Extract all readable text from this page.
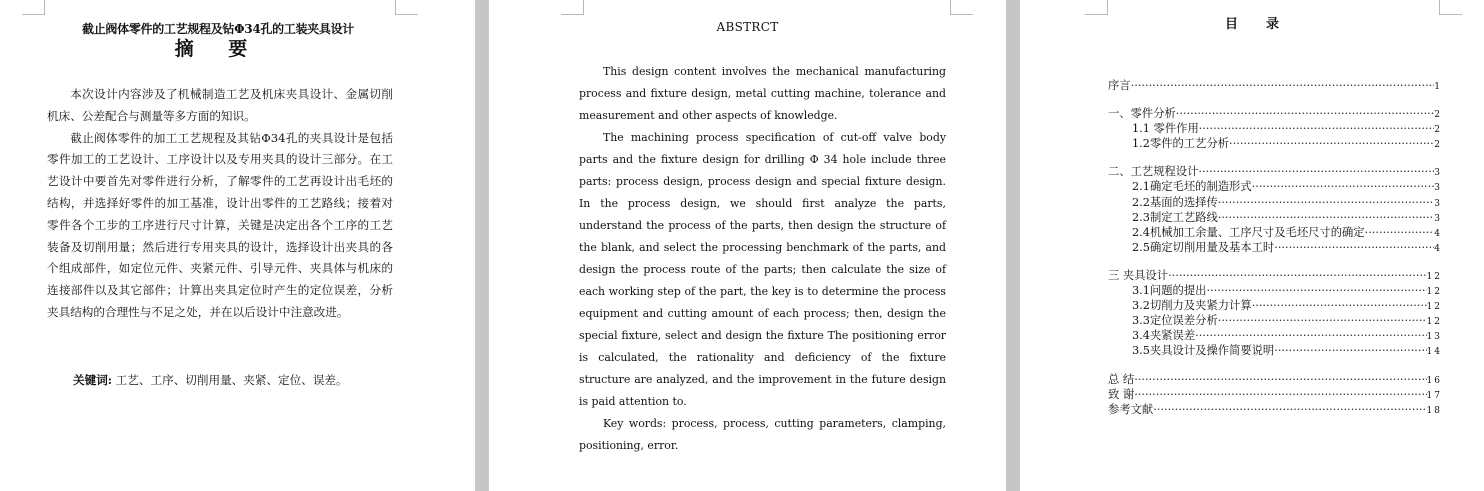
截止阀体零件的工艺规程及钻Φ34孔的工装夹具设计
摘 要

本次设计内容涉及了机械制造工艺及机床夹具设计、金属切削机床、公差配合与测量等多方面的知识。

截止阀体零件的加工工艺规程及其钻Φ34孔的夹具设计是包括零件加工的工艺设计、工序设计以及专用夹具的设计三部分。在工艺设计中要首先对零件进行分析，了解零件的工艺再设计出毛坯的结构，并选择好零件的加工基准，设计出零件的工艺路线；接着对零件各个工步的工序进行尺寸计算，关键是决定出各个工序的工艺装备及切削用量；然后进行专用夹具的设计，选择设计出夹具的各个组成部件，如定位元件、夹紧元件、引导元件、夹具体与机床的连接部件以及其它部件；计算出夹具定位时产生的定位误差，分析夹具结构的合理性与不足之处，并在以后设计中注意改进。

关键词: 工艺、工序、切削用量、夹紧、定位、误差。
ABSTRCT

This design content involves the mechanical manufacturing process and fixture design, metal cutting machine, tolerance and measurement and other aspects of knowledge.

The machining process specification of cut-off valve body parts and the fixture design for drilling Φ 34 hole include three parts: process design, process design and special fixture design. In the process design, we should first analyze the parts, understand the process of the parts, then design the structure of the blank, and select the processing benchmark of the parts, and design the process route of the parts; then calculate the size of each working step of the part, the key is to determine the process equipment and cutting amount of each process; then, design the special fixture, select and design the fixture The positioning error is calculated, the rationality and deficiency of the fixture structure are analyzed, and the improvement in the future design is paid attention to.

Key words: process, process, cutting parameters, clamping, positioning, error.

目 录
序言 ·····	1
一、零件分析 ·····	2
1.1 零件作用 ·····	2
1.2零件的工艺分析 ·····	2
二、工艺规程设计 ·····	3
2.1确定毛坯的制造形式 ·····	3
2.2基面的选择传 ·····	3
2.3制定工艺路线 ·····	3
2.4机械加工余量、工序尺寸及毛坯尺寸的确定 ·····	4
2.5确定切削用量及基本工时 ·····	4
三 夹具设计 ·····	12
3.1问题的提出 ·····	12
3.2切削力及夹紧力计算 ·····	12
3.3定位误差分析 ·····	12
3.4夹紧误差 ·····	13
3.5夹具设计及操作简要说明 ·····	14
总 结 ·····	16
致 谢 ·····	17
参考文献 ·····	18
